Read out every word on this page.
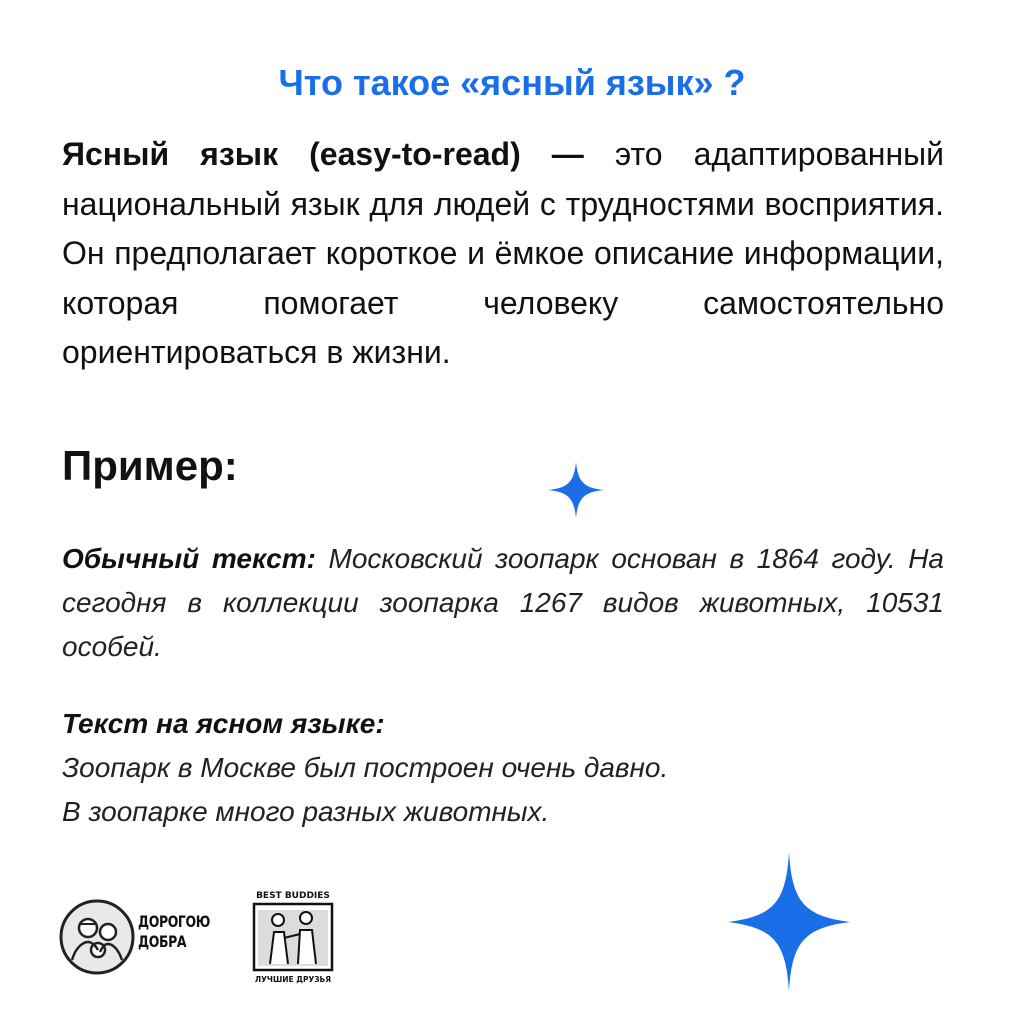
Что такое «ясный язык» ?
Ясный язык (easy-to-read) — это адаптированный национальный язык для людей с трудностями восприятия. Он предполагает короткое и ёмкое описание информации, которая помогает человеку самостоятельно ориентироваться в жизни.
Пример:
Обычный текст: Московский зоопарк основан в 1864 году. На сегодня в коллекции зоопарка 1267 видов животных, 10531 особей.
Текст на ясном языке:
Зоопарк в Москве был построен очень давно.
В зоопарке много разных животных.
ДОРОГОЮ
ДОБРА
BEST BUDDIES
ЛУЧШИЕ ДРУЗЬЯ
